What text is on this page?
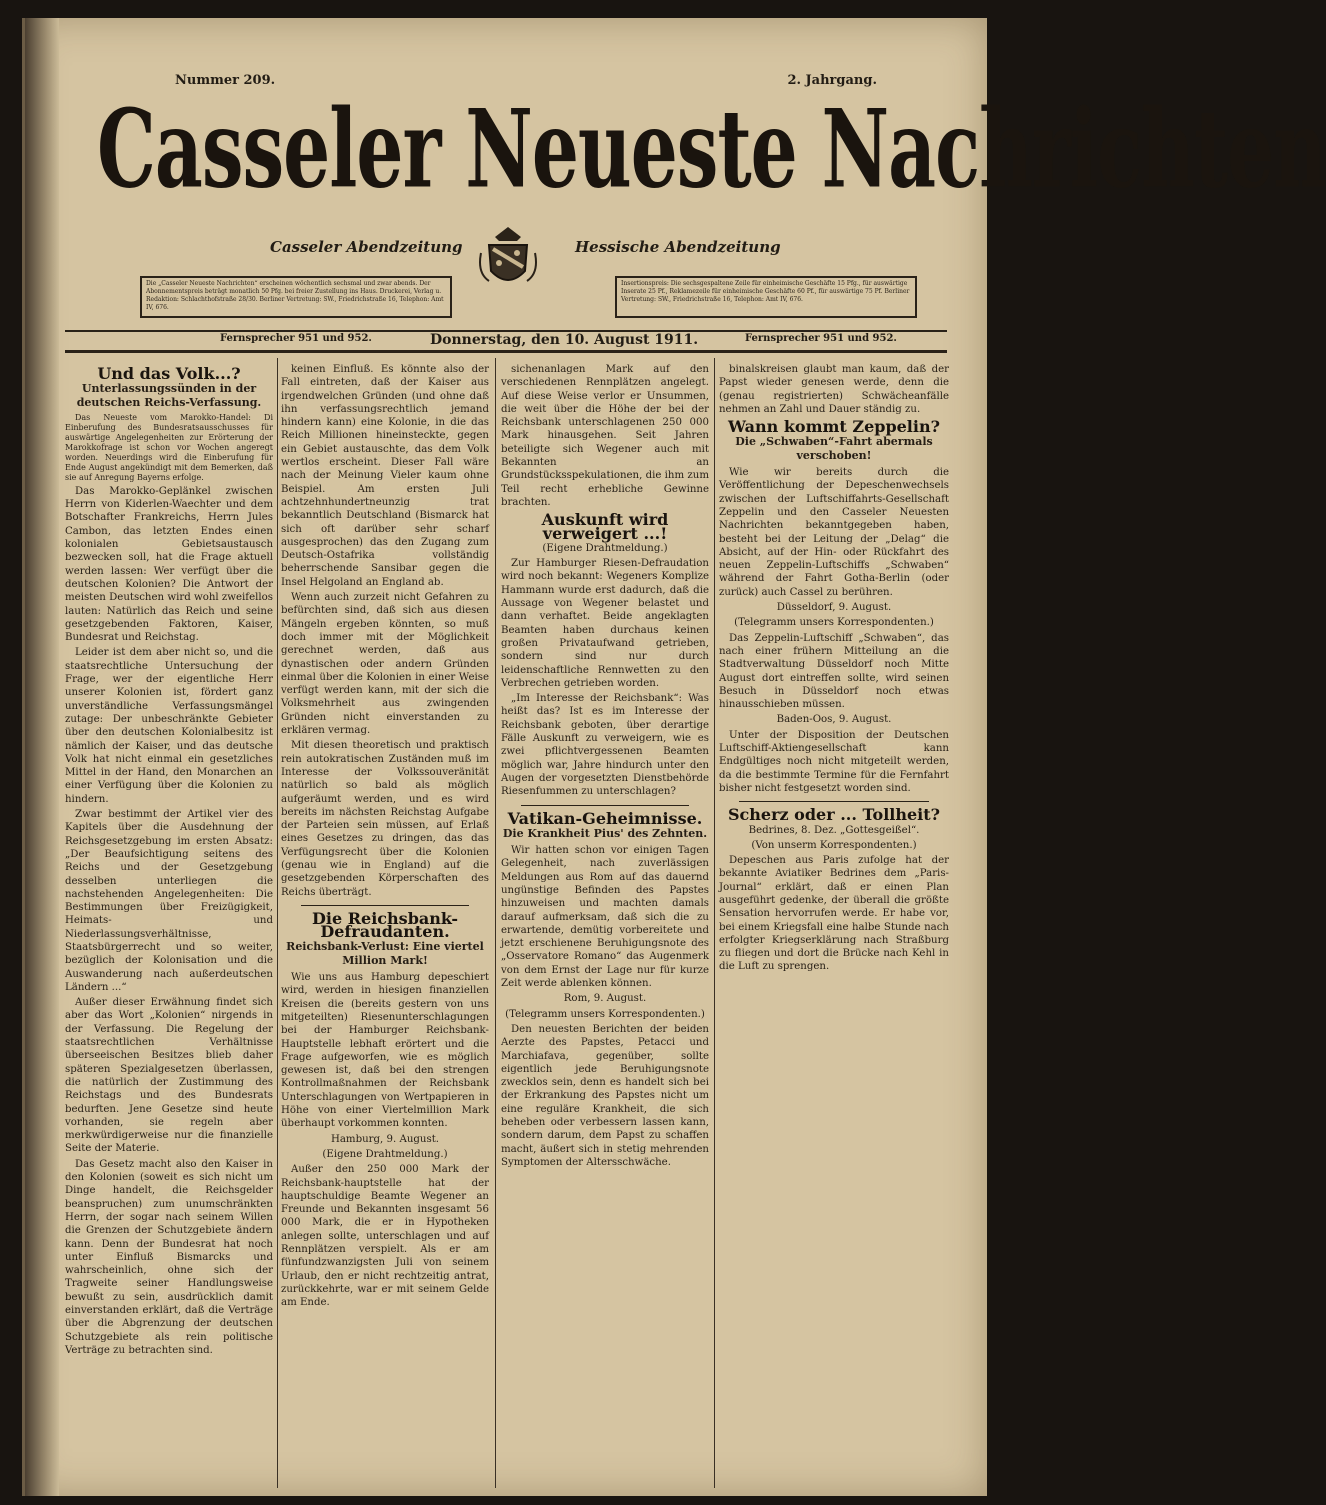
Nummer 209.	2. Jahrgang.
Casseler Neueste Nachrichten
Casseler Abendzeitung	Hessische Abendzeitung
Die „Casseler Neueste Nachrichten“ erscheinen wöchentlich sechsmal und zwar abends. Der Abonnementspreis beträgt monatlich 50 Pfg. bei freier Zustellung ins Haus. Druckerei, Verlag u. Redaktion: Schlachthofstraße 28/30. Berliner Vertretung: SW., Friedrichstraße 16, Telephon: Amt IV, 676.
Insertionspreis: Die sechsgespaltene Zeile für einheimische Geschäfte 15 Pfg., für auswärtige Inserate 25 Pf., Reklamezeile für einheimische Geschäfte 60 Pf., für auswärtige 75 Pf. Berliner Vertretung: SW., Friedrichstraße 16, Telephon: Amt IV, 676.
Fernsprecher 951 und 952.	Donnerstag, den 10. August 1911.	Fernsprecher 951 und 952.
Und das Volk...?
Unterlassungssünden in der deutschen Reichs-Verfassung.

Das Neueste vom Marokko-Handel: Di Einberufung des Bundesratsausschusses für auswärtige Angelegenheiten zur Erörterung der Marokkofrage ist schon vor Wochen angeregt worden. Neuerdings wird die Einberufung für Ende August angekündigt mit dem Bemerken, daß sie auf Anregung Bayerns erfolge.

Das Marokko-Geplänkel zwischen Herrn von Kiderlen-Waechter und dem Botschafter Frankreichs, Herrn Jules Cambon, das letzten Endes einen kolonialen Gebietsaustausch bezwecken soll, hat die Frage aktuell werden lassen: Wer verfügt über die deutschen Kolonien? Die Antwort der meisten Deutschen wird wohl zweifellos lauten: Natürlich das Reich und seine gesetzgebenden Faktoren, Kaiser, Bundesrat und Reichstag.

Leider ist dem aber nicht so, und die staatsrechtliche Untersuchung der Frage, wer der eigentliche Herr unserer Kolonien ist, fördert ganz unverständliche Verfassungsmängel zutage: Der unbeschränkte Gebieter über den deutschen Kolonialbesitz ist nämlich der Kaiser, und das deutsche Volk hat nicht einmal ein gesetzliches Mittel in der Hand, den Monarchen an einer Verfügung über die Kolonien zu hindern.

Zwar bestimmt der Artikel vier des Kapitels über die Ausdehnung der Reichsgesetzgebung im ersten Absatz: „Der Beaufsichtigung seitens des Reichs und der Gesetzgebung desselben unterliegen die nachstehenden Angelegenheiten: Die Bestimmungen über Freizügigkeit, Heimats- und Niederlassungsverhältnisse, Staatsbürgerrecht und so weiter, bezüglich der Kolonisation und die Auswanderung nach außerdeutschen Ländern ...“

Außer dieser Erwähnung findet sich aber das Wort „Kolonien“ nirgends in der Verfassung. Die Regelung der staatsrechtlichen Verhältnisse überseeischen Besitzes blieb daher späteren Spezialgesetzen überlassen, die natürlich der Zustimmung des Reichstags und des Bundesrats bedurften. Jene Gesetze sind heute vorhanden, sie regeln aber merkwürdigerweise nur die finanzielle Seite der Materie.

Das Gesetz macht also den Kaiser in den Kolonien (soweit es sich nicht um Dinge handelt, die Reichsgelder beanspruchen) zum unumschränkten Herrn, der sogar nach seinem Willen die Grenzen der Schutzgebiete ändern kann. Denn der Bundesrat hat noch unter Einfluß Bismarcks und wahrscheinlich, ohne sich der Tragweite seiner Handlungsweise bewußt zu sein, ausdrücklich damit einverstanden erklärt, daß die Verträge über die Abgrenzung der deutschen Schutzgebiete als rein politische Verträge zu betrachten sind.

keinen Einfluß. Es könnte also der Fall eintreten, daß der Kaiser aus irgendwelchen Gründen (und ohne daß ihn verfassungsrechtlich jemand hindern kann) eine Kolonie, in die das Reich Millionen hineinsteckte, gegen ein Gebiet austauschte, das dem Volk wertlos erscheint. Dieser Fall wäre nach der Meinung Vieler kaum ohne Beispiel. Am ersten Juli achtzehnhundertneunzig trat bekanntlich Deutschland (Bismarck hat sich oft darüber sehr scharf ausgesprochen) das den Zugang zum Deutsch-Ostafrika vollständig beherrschende Sansibar gegen die Insel Helgoland an England ab.

Wenn auch zurzeit nicht Gefahren zu befürchten sind, daß sich aus diesen Mängeln ergeben könnten, so muß doch immer mit der Möglichkeit gerechnet werden, daß aus dynastischen oder andern Gründen einmal über die Kolonien in einer Weise verfügt werden kann, mit der sich die Volksmehrheit aus zwingenden Gründen nicht einverstanden zu erklären vermag.

Mit diesen theoretisch und praktisch rein autokratischen Zuständen muß im Interesse der Volkssouveränität natürlich so bald als möglich aufgeräumt werden, und es wird bereits im nächsten Reichstag Aufgabe der Parteien sein müssen, auf Erlaß eines Gesetzes zu dringen, das das Verfügungsrecht über die Kolonien (genau wie in England) auf die gesetzgebenden Körperschaften des Reichs überträgt.

Die Reichsbank-Defraudanten.
Reichsbank-Verlust: Eine viertel Million Mark!

Wie uns aus Hamburg depeschiert wird, werden in hiesigen finanziellen Kreisen die (bereits gestern von uns mitgeteilten) Riesenunterschlagungen bei der Hamburger Reichsbank-Hauptstelle lebhaft erörtert und die Frage aufgeworfen, wie es möglich gewesen ist, daß bei den strengen Kontrollmaßnahmen der Reichsbank Unterschlagungen von Wertpapieren in Höhe von einer Viertelmillion Mark überhaupt vorkommen konnten.

Hamburg, 9. August.

(Eigene Drahtmeldung.)

Außer den 250 000 Mark der Reichsbank-hauptstelle hat der hauptschuldige Beamte Wegener an Freunde und Bekannten insgesamt 56 000 Mark, die er in Hypotheken anlegen sollte, unterschlagen und auf Rennplätzen verspielt. Als er am fünfundzwanzigsten Juli von seinem Urlaub, den er nicht rechtzeitig antrat, zurückkehrte, war er mit seinem Gelde am Ende.

sichenanlagen Mark auf den verschiedenen Rennplätzen angelegt. Auf diese Weise verlor er Unsummen, die weit über die Höhe der bei der Reichsbank unterschlagenen 250 000 Mark hinausgehen. Seit Jahren beteiligte sich Wegener auch mit Bekannten an Grundstücksspekulationen, die ihm zum Teil recht erhebliche Gewinne brachten.

Auskunft wird verweigert ...!

(Eigene Drahtmeldung.)

Zur Hamburger Riesen-Defraudation wird noch bekannt: Wegeners Komplize Hammann wurde erst dadurch, daß die Aussage von Wegener belastet und dann verhaftet. Beide angeklagten Beamten haben durchaus keinen großen Privataufwand getrieben, sondern sind nur durch leidenschaftliche Rennwetten zu den Verbrechen getrieben worden.

„Im Interesse der Reichsbank“: Was heißt das? Ist es im Interesse der Reichsbank geboten, über derartige Fälle Auskunft zu verweigern, wie es zwei pflichtvergessenen Beamten möglich war, Jahre hindurch unter den Augen der vorgesetzten Dienstbehörde Riesenfummen zu unterschlagen?

Vatikan-Geheimnisse.
Die Krankheit Pius' des Zehnten.

Wir hatten schon vor einigen Tagen Gelegenheit, nach zuverlässigen Meldungen aus Rom auf das dauernd ungünstige Befinden des Papstes hinzuweisen und machten damals darauf aufmerksam, daß sich die zu erwartende, demütig vorbereitete und jetzt erschienene Beruhigungsnote des „Osservatore Romano“ das Augenmerk von dem Ernst der Lage nur für kurze Zeit werde ablenken können.

Rom, 9. August.

(Telegramm unsers Korrespondenten.)

Den neuesten Berichten der beiden Aerzte des Papstes, Petacci und Marchiafava, gegenüber, sollte eigentlich jede Beruhigungsnote zwecklos sein, denn es handelt sich bei der Erkrankung des Papstes nicht um eine reguläre Krankheit, die sich beheben oder verbessern lassen kann, sondern darum, dem Papst zu schaffen macht, äußert sich in stetig mehrenden Symptomen der Altersschwäche.

binalskreisen glaubt man kaum, daß der Papst wieder genesen werde, denn die (genau registrierten) Schwächeanfälle nehmen an Zahl und Dauer ständig zu.

Wann kommt Zeppelin?
Die „Schwaben“-Fahrt abermals verschoben!

Wie wir bereits durch die Veröffentlichung der Depeschenwechsels zwischen der Luftschiffahrts-Gesellschaft Zeppelin und den Casseler Neuesten Nachrichten bekanntgegeben haben, besteht bei der Leitung der „Delag“ die Absicht, auf der Hin- oder Rückfahrt des neuen Zeppelin-Luftschiffs „Schwaben“ während der Fahrt Gotha-Berlin (oder zurück) auch Cassel zu berühren.

Düsseldorf, 9. August.

(Telegramm unsers Korrespondenten.)

Das Zeppelin-Luftschiff „Schwaben“, das nach einer frühern Mitteilung an die Stadtverwaltung Düsseldorf noch Mitte August dort eintreffen sollte, wird seinen Besuch in Düsseldorf noch etwas hinausschieben müssen.

Baden-Oos, 9. August.

Unter der Disposition der Deutschen Luftschiff-Aktiengesellschaft kann Endgültiges noch nicht mitgeteilt werden, da die bestimmte Termine für die Fernfahrt bisher nicht festgesetzt worden sind.

Scherz oder ... Tollheit?

Bedrines, 8. Dez. „Gottesgeißel“.

(Von unserm Korrespondenten.)

Depeschen aus Paris zufolge hat der bekannte Aviatiker Bedrines dem „Paris-Journal“ erklärt, daß er einen Plan ausgeführt gedenke, der überall die größte Sensation hervorrufen werde. Er habe vor, bei einem Kriegsfall eine halbe Stunde nach erfolgter Kriegserklärung nach Straßburg zu fliegen und dort die Brücke nach Kehl in die Luft zu sprengen.
